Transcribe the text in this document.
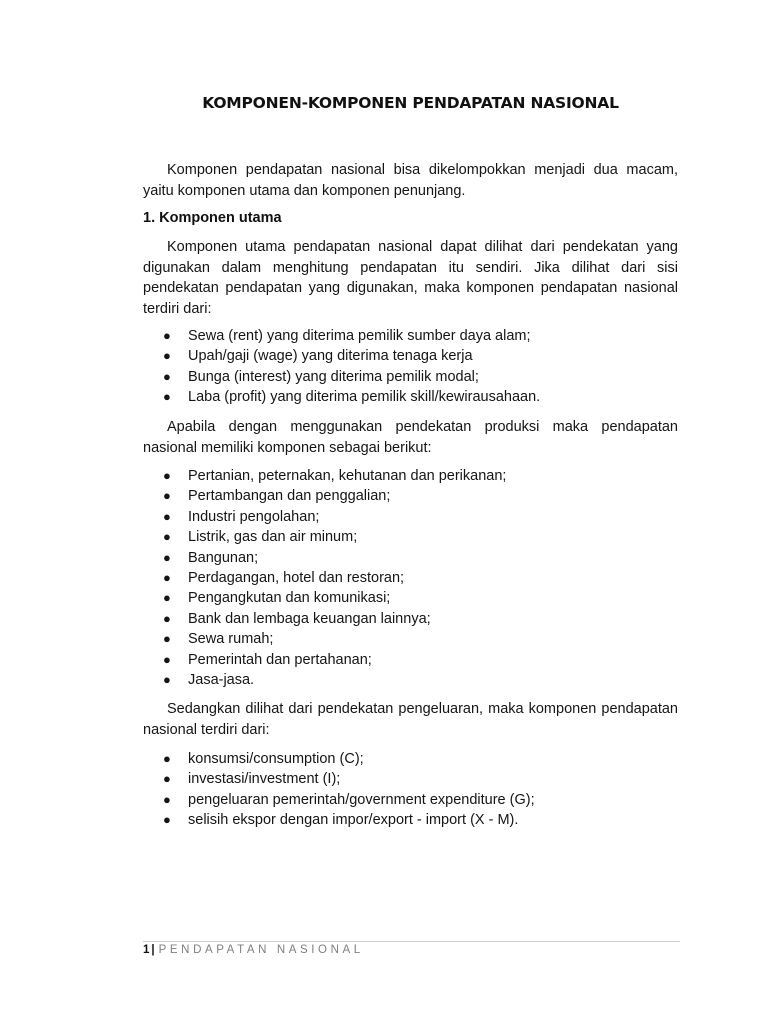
KOMPONEN-KOMPONEN PENDAPATAN NASIONAL
Komponen pendapatan nasional bisa dikelompokkan menjadi dua macam, yaitu komponen utama dan komponen penunjang.
1. Komponen utama
Komponen utama pendapatan nasional dapat dilihat dari pendekatan yang digunakan dalam menghitung pendapatan itu sendiri. Jika dilihat dari sisi pendekatan pendapatan yang digunakan, maka komponen pendapatan nasional terdiri dari:
● Sewa (rent) yang diterima pemilik sumber daya alam;
● Upah/gaji (wage) yang diterima tenaga kerja
● Bunga (interest) yang diterima pemilik modal;
● Laba (profit) yang diterima pemilik skill/kewirausahaan.
Apabila dengan menggunakan pendekatan produksi maka pendapatan nasional memiliki komponen sebagai berikut:
● Pertanian, peternakan, kehutanan dan perikanan;
● Pertambangan dan penggalian;
● Industri pengolahan;
● Listrik, gas dan air minum;
● Bangunan;
● Perdagangan, hotel dan restoran;
● Pengangkutan dan komunikasi;
● Bank dan lembaga keuangan lainnya;
● Sewa rumah;
● Pemerintah dan pertahanan;
● Jasa-jasa.
Sedangkan dilihat dari pendekatan pengeluaran, maka komponen pendapatan nasional terdiri dari:
● konsumsi/consumption (C);
● investasi/investment (I);
● pengeluaran pemerintah/government expenditure (G);
● selisih ekspor dengan impor/export - import (X - M).
1 | PENDAPATAN NASIONAL
